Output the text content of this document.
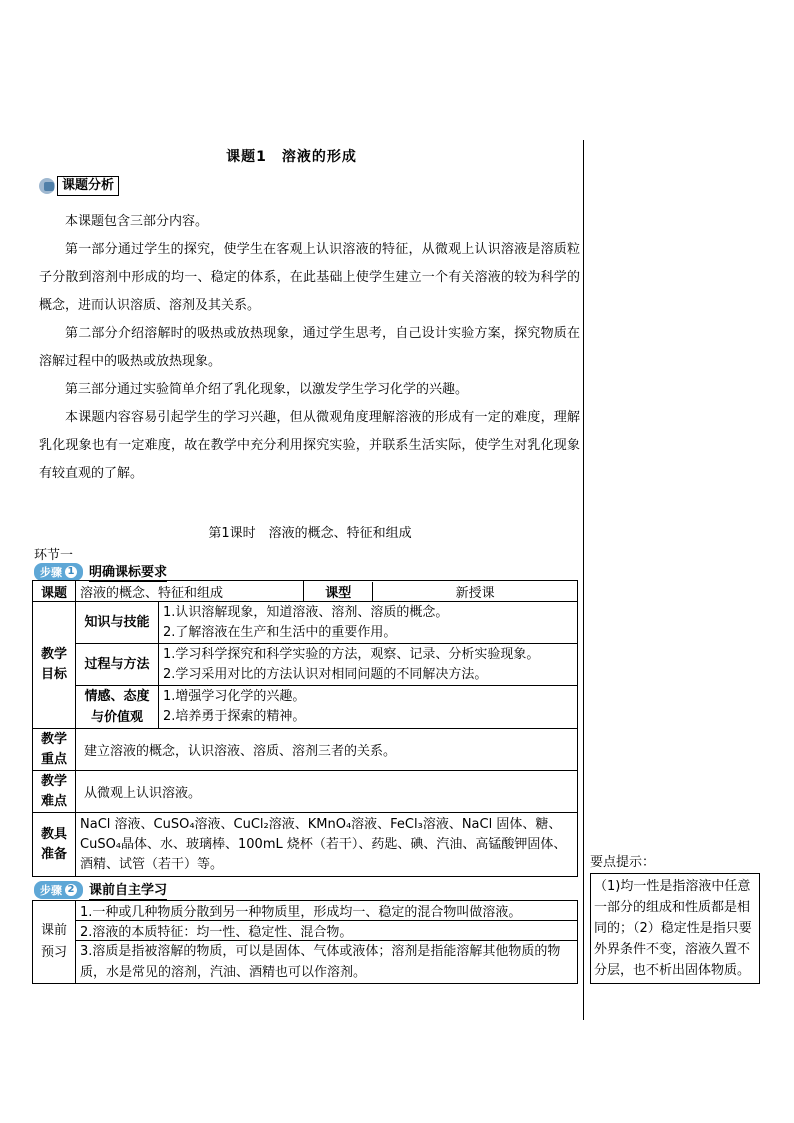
课题1　溶液的形成
课题分析

本课题包含三部分内容。

第一部分通过学生的探究，使学生在客观上认识溶液的特征，从微观上认识溶液是溶质粒子分散到溶剂中形成的均一、稳定的体系，在此基础上使学生建立一个有关溶液的较为科学的概念，进而认识溶质、溶剂及其关系。

第二部分介绍溶解时的吸热或放热现象，通过学生思考，自己设计实验方案，探究物质在溶解过程中的吸热或放热现象。

第三部分通过实验简单介绍了乳化现象，以激发学生学习化学的兴趣。

本课题内容容易引起学生的学习兴趣，但从微观角度理解溶液的形成有一定的难度，理解乳化现象也有一定难度，故在教学中充分利用探究实验，并联系生活实际，使学生对乳化现象有较直观的了解。

第1课时　溶液的概念、特征和组成
环节一
步骤 1 明确课标要求
课题	溶液的概念、特征和组成		课型	新授课

教学目标	知识与技能	
1.认识溶解现象，知道溶液、溶剂、溶质的概念。
2.了解溶液在生产和生活中的重要作用。

过程与方法	
1.学习科学探究和科学实验的方法，观察、记录、分析实验现象。
2.学习采用对比的方法认识对相同问题的不同解决方法。

情感、态度与价值观	
1.增强学习化学的兴趣。
2.培养勇于探索的精神。

教学重点	建立溶液的概念，认识溶液、溶质、溶剂三者的关系。
教学难点	从微观上认识溶液。
教具准备	NaCl 溶液、CuSO₄溶液、CuCl₂溶液、KMnO₄溶液、FeCl₃溶液、NaCl 固体、糖、CuSO₄晶体、水、玻璃棒、100mL 烧杯（若干）、药匙、碘、汽油、高锰酸钾固体、酒精、试管（若干）等。
步骤 2 课前自主学习
课前预习	1.一种或几种物质分散到另一种物质里，形成均一、稳定的混合物叫做溶液。
2.溶液的本质特征：均一性、稳定性、混合物。
3.溶质是指被溶解的物质，可以是固体、气体或液体；溶剂是指能溶解其他物质的物质，水是常见的溶剂，汽油、酒精也可以作溶剂。
要点提示：
（1)均一性是指溶液中任意一部分的组成和性质都是相同的；（2）稳定性是指只要外界条件不变，溶液久置不分层，也不析出固体物质。
